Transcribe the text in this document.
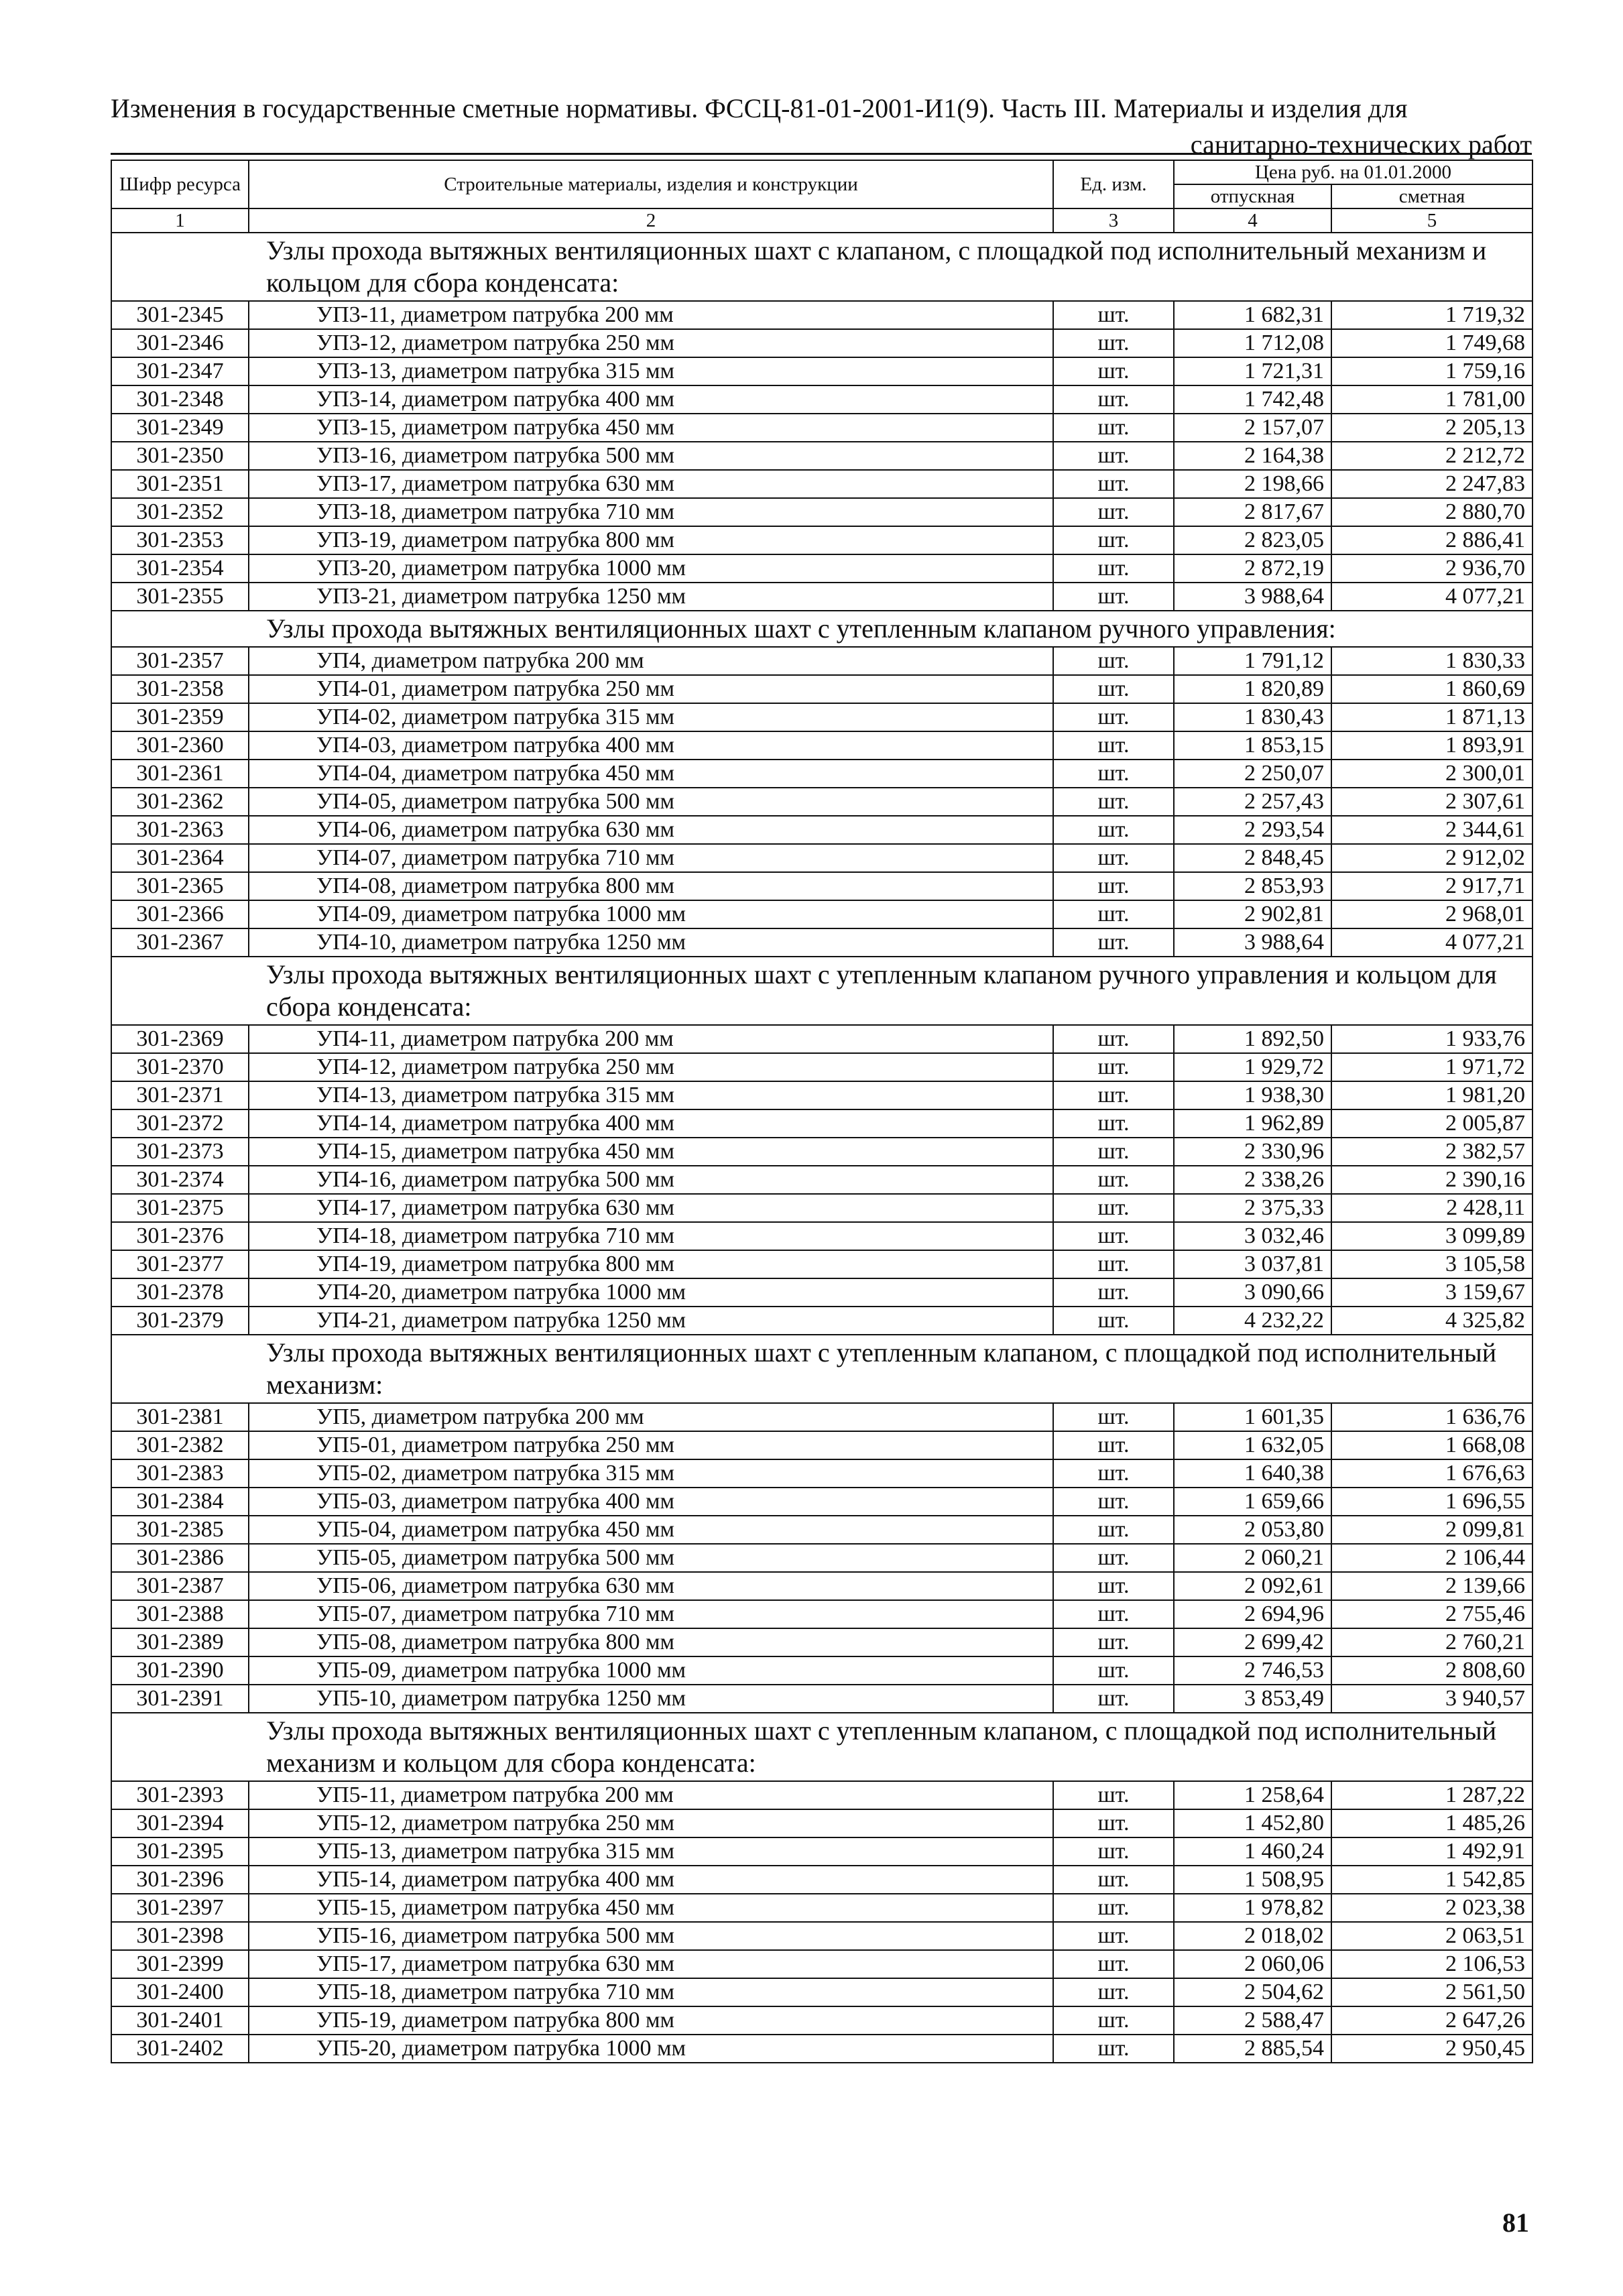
Изменения в государственные сметные нормативы. ФССЦ-81-01-2001-И1(9). Часть III. Материалы и изделия для
санитарно-технических работ
Шифр ресурса	Строительные материалы, изделия и конструкции	Ед. изм.	Цена руб. на 01.01.2000	
			отпускная	сметная
1	2	3	4	5
Узлы прохода вытяжных вентиляционных шахт с клапаном, с площадкой под исполнительный механизм и кольцом для сбора конденсата:				
301-2345	УП3-11, диаметром патрубка 200 мм	шт.	1 682,31	1 719,32
301-2346	УП3-12, диаметром патрубка 250 мм	шт.	1 712,08	1 749,68
301-2347	УП3-13, диаметром патрубка 315 мм	шт.	1 721,31	1 759,16
301-2348	УП3-14, диаметром патрубка 400 мм	шт.	1 742,48	1 781,00
301-2349	УП3-15, диаметром патрубка 450 мм	шт.	2 157,07	2 205,13
301-2350	УП3-16, диаметром патрубка 500 мм	шт.	2 164,38	2 212,72
301-2351	УП3-17, диаметром патрубка 630 мм	шт.	2 198,66	2 247,83
301-2352	УП3-18, диаметром патрубка 710 мм	шт.	2 817,67	2 880,70
301-2353	УП3-19, диаметром патрубка 800 мм	шт.	2 823,05	2 886,41
301-2354	УП3-20, диаметром патрубка 1000 мм	шт.	2 872,19	2 936,70
301-2355	УП3-21, диаметром патрубка 1250 мм	шт.	3 988,64	4 077,21
Узлы прохода вытяжных вентиляционных шахт с утепленным клапаном ручного управления:				
301-2357	УП4, диаметром патрубка 200 мм	шт.	1 791,12	1 830,33
301-2358	УП4-01, диаметром патрубка 250 мм	шт.	1 820,89	1 860,69
301-2359	УП4-02, диаметром патрубка 315 мм	шт.	1 830,43	1 871,13
301-2360	УП4-03, диаметром патрубка 400 мм	шт.	1 853,15	1 893,91
301-2361	УП4-04, диаметром патрубка 450 мм	шт.	2 250,07	2 300,01
301-2362	УП4-05, диаметром патрубка 500 мм	шт.	2 257,43	2 307,61
301-2363	УП4-06, диаметром патрубка 630 мм	шт.	2 293,54	2 344,61
301-2364	УП4-07, диаметром патрубка 710 мм	шт.	2 848,45	2 912,02
301-2365	УП4-08, диаметром патрубка 800 мм	шт.	2 853,93	2 917,71
301-2366	УП4-09, диаметром патрубка 1000 мм	шт.	2 902,81	2 968,01
301-2367	УП4-10, диаметром патрубка 1250 мм	шт.	3 988,64	4 077,21
Узлы прохода вытяжных вентиляционных шахт с утепленным клапаном ручного управления и кольцом для сбора конденсата:				
301-2369	УП4-11, диаметром патрубка 200 мм	шт.	1 892,50	1 933,76
301-2370	УП4-12, диаметром патрубка 250 мм	шт.	1 929,72	1 971,72
301-2371	УП4-13, диаметром патрубка 315 мм	шт.	1 938,30	1 981,20
301-2372	УП4-14, диаметром патрубка 400 мм	шт.	1 962,89	2 005,87
301-2373	УП4-15, диаметром патрубка 450 мм	шт.	2 330,96	2 382,57
301-2374	УП4-16, диаметром патрубка 500 мм	шт.	2 338,26	2 390,16
301-2375	УП4-17, диаметром патрубка 630 мм	шт.	2 375,33	2 428,11
301-2376	УП4-18, диаметром патрубка 710 мм	шт.	3 032,46	3 099,89
301-2377	УП4-19, диаметром патрубка 800 мм	шт.	3 037,81	3 105,58
301-2378	УП4-20, диаметром патрубка 1000 мм	шт.	3 090,66	3 159,67
301-2379	УП4-21, диаметром патрубка 1250 мм	шт.	4 232,22	4 325,82
Узлы прохода вытяжных вентиляционных шахт с утепленным клапаном, с площадкой под исполнительный механизм:				
301-2381	УП5, диаметром патрубка 200 мм	шт.	1 601,35	1 636,76
301-2382	УП5-01, диаметром патрубка 250 мм	шт.	1 632,05	1 668,08
301-2383	УП5-02, диаметром патрубка 315 мм	шт.	1 640,38	1 676,63
301-2384	УП5-03, диаметром патрубка 400 мм	шт.	1 659,66	1 696,55
301-2385	УП5-04, диаметром патрубка 450 мм	шт.	2 053,80	2 099,81
301-2386	УП5-05, диаметром патрубка 500 мм	шт.	2 060,21	2 106,44
301-2387	УП5-06, диаметром патрубка 630 мм	шт.	2 092,61	2 139,66
301-2388	УП5-07, диаметром патрубка 710 мм	шт.	2 694,96	2 755,46
301-2389	УП5-08, диаметром патрубка 800 мм	шт.	2 699,42	2 760,21
301-2390	УП5-09, диаметром патрубка 1000 мм	шт.	2 746,53	2 808,60
301-2391	УП5-10, диаметром патрубка 1250 мм	шт.	3 853,49	3 940,57
Узлы прохода вытяжных вентиляционных шахт с утепленным клапаном, с площадкой под исполнительный механизм и кольцом для сбора конденсата:				
301-2393	УП5-11, диаметром патрубка 200 мм	шт.	1 258,64	1 287,22
301-2394	УП5-12, диаметром патрубка 250 мм	шт.	1 452,80	1 485,26
301-2395	УП5-13, диаметром патрубка 315 мм	шт.	1 460,24	1 492,91
301-2396	УП5-14, диаметром патрубка 400 мм	шт.	1 508,95	1 542,85
301-2397	УП5-15, диаметром патрубка 450 мм	шт.	1 978,82	2 023,38
301-2398	УП5-16, диаметром патрубка 500 мм	шт.	2 018,02	2 063,51
301-2399	УП5-17, диаметром патрубка 630 мм	шт.	2 060,06	2 106,53
301-2400	УП5-18, диаметром патрубка 710 мм	шт.	2 504,62	2 561,50
301-2401	УП5-19, диаметром патрубка 800 мм	шт.	2 588,47	2 647,26
301-2402	УП5-20, диаметром патрубка 1000 мм	шт.	2 885,54	2 950,45
81
